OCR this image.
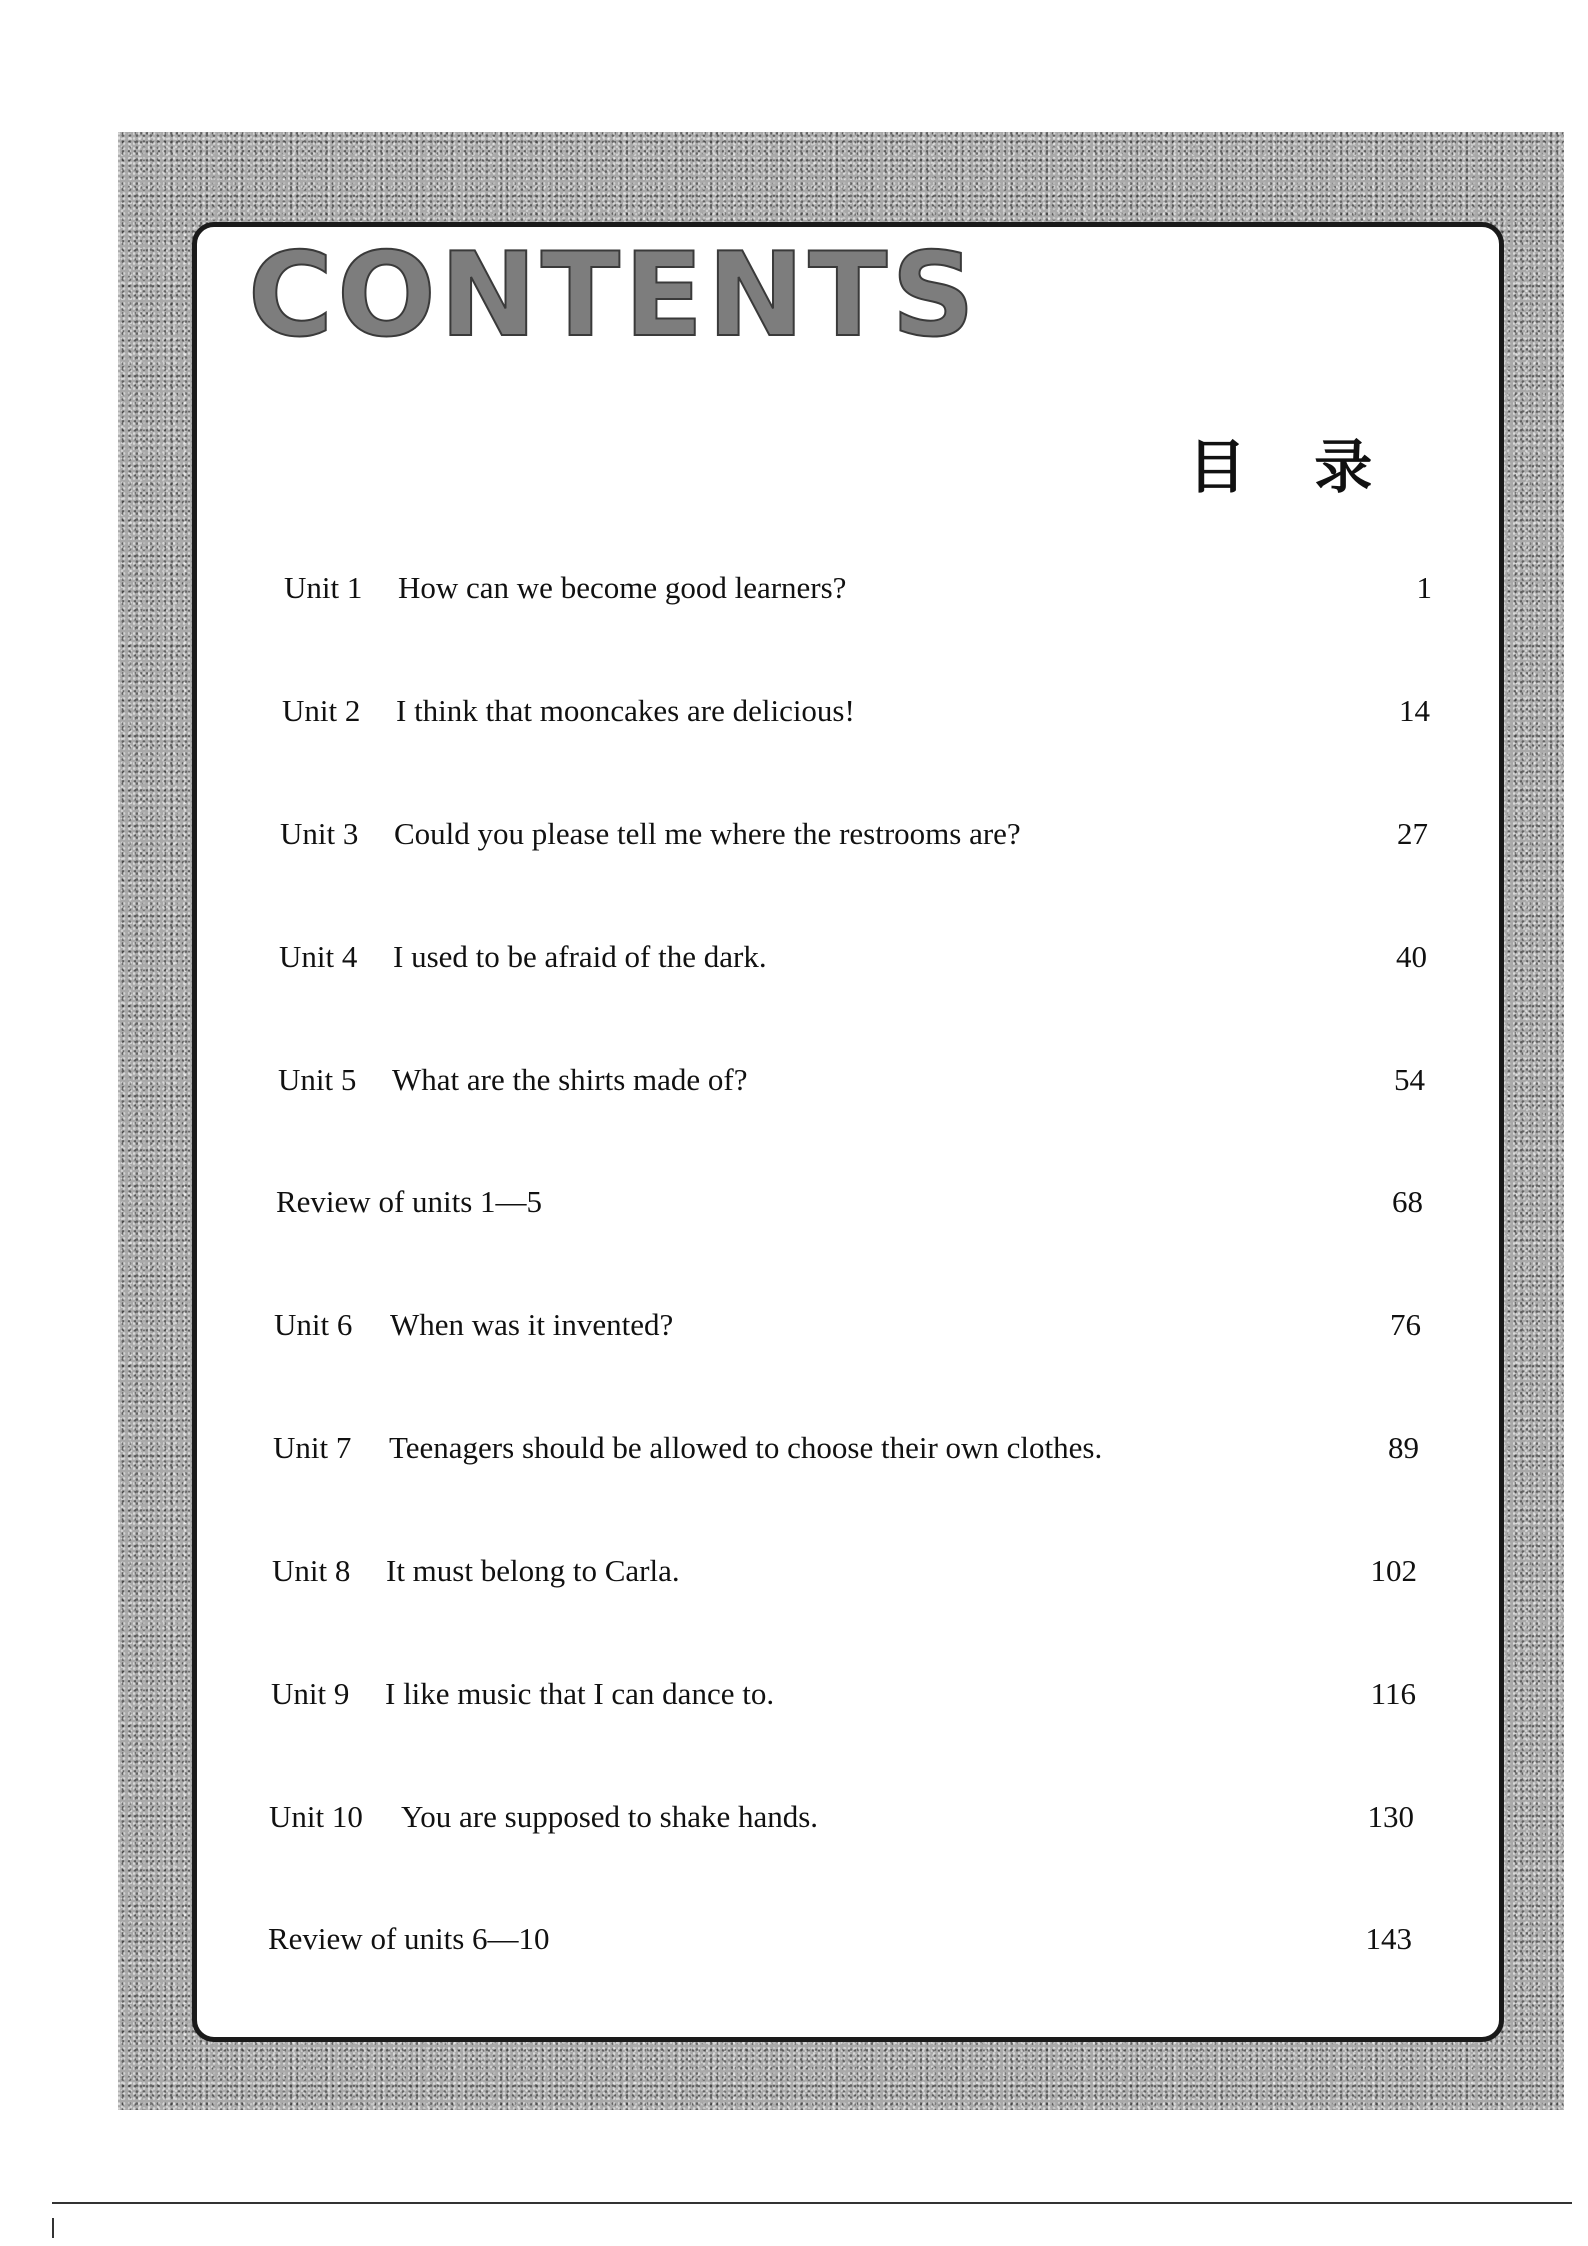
CONTENTS
目 录
Unit 1 How can we become good learners?	1
Unit 2 I think that mooncakes are delicious!	14
Unit 3 Could you please tell me where the restrooms are?	27
Unit 4 I used to be afraid of the dark.	40
Unit 5 What are the shirts made of?	54
Review of units 1—5	68
Unit 6 When was it invented?	76
Unit 7 Teenagers should be allowed to choose their own clothes.	89
Unit 8 It must belong to Carla.	102
Unit 9 I like music that I can dance to.	116
Unit 10 You are supposed to shake hands.	130
Review of units 6—10	143
